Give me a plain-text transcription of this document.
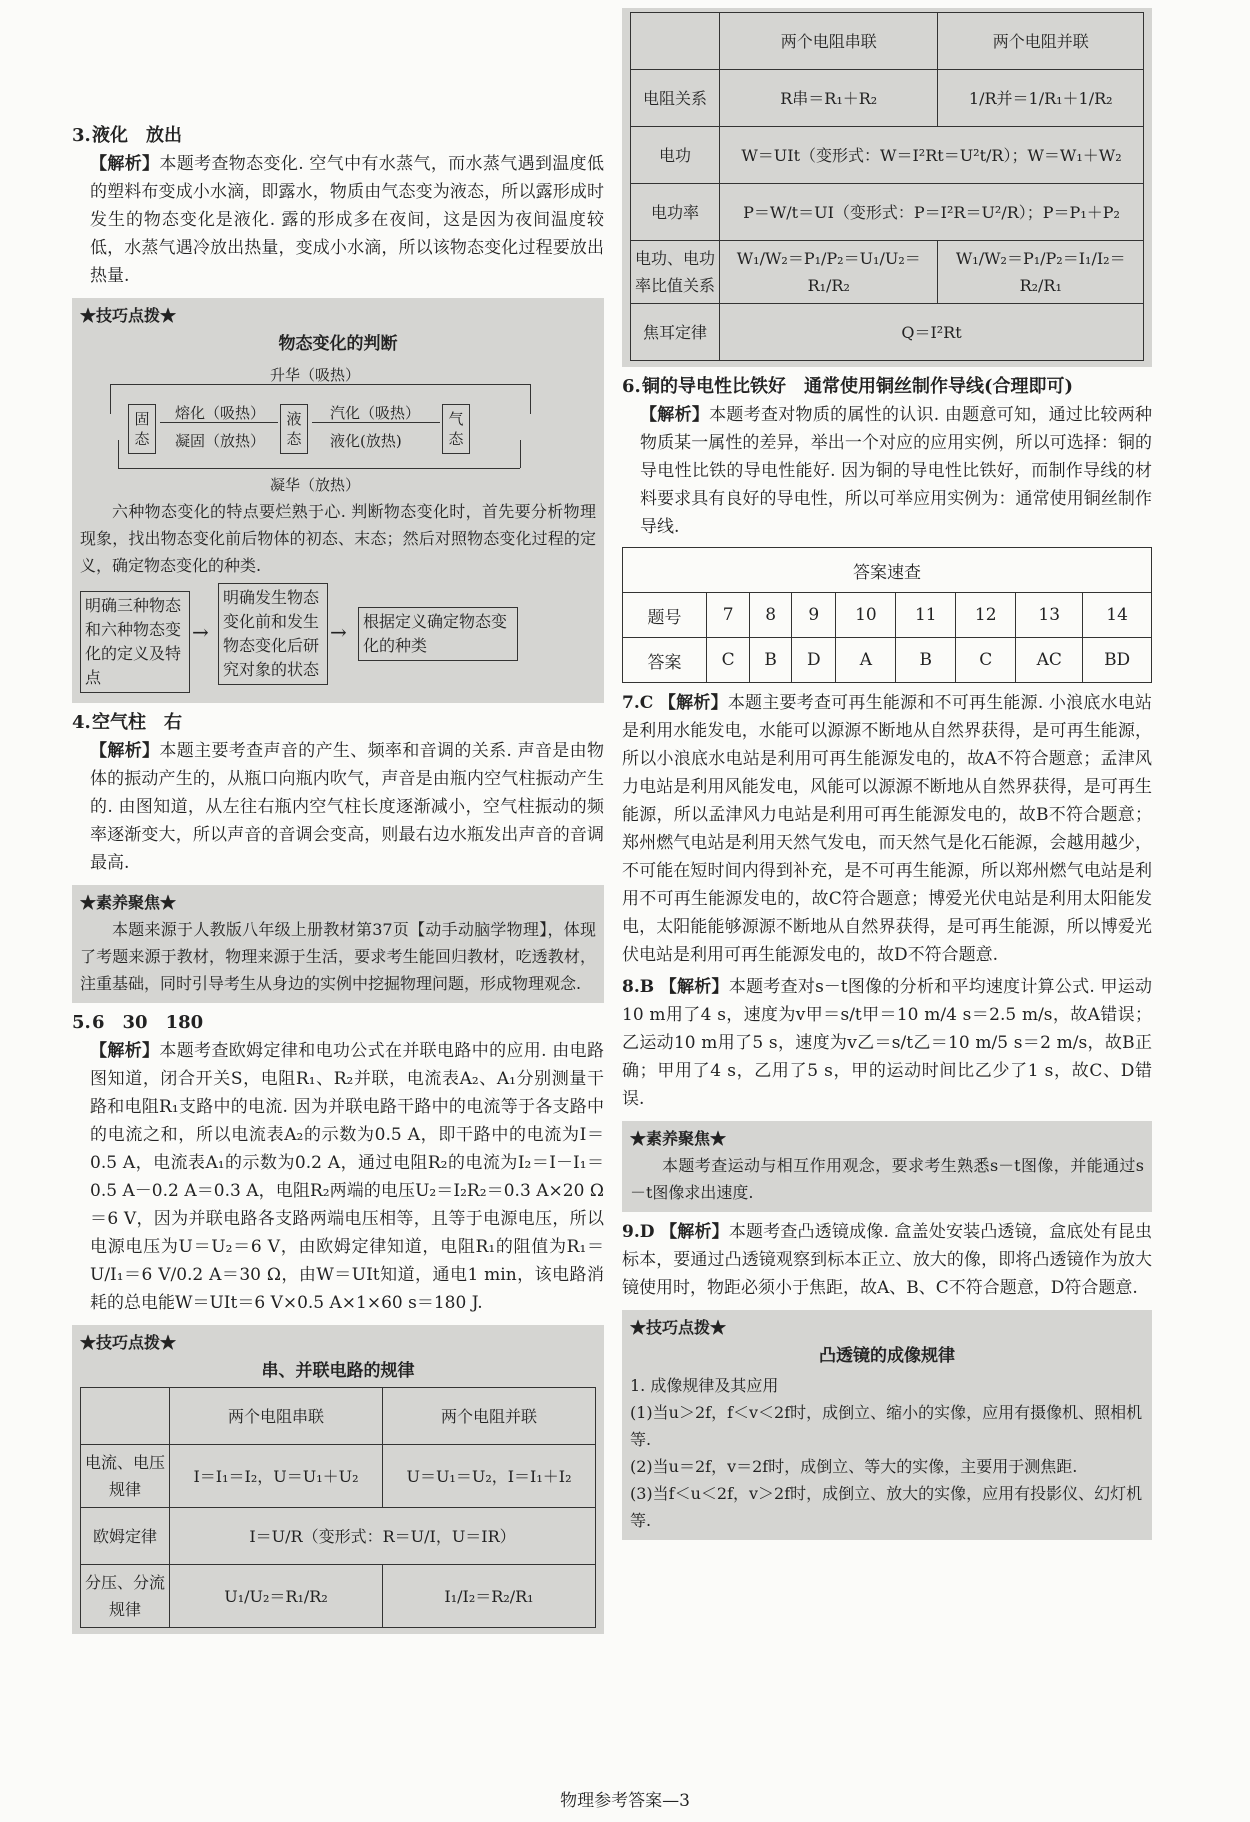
3.液化　放出

【解析】本题考查物态变化. 空气中有水蒸气，而水蒸气遇到温度低的塑料布变成小水滴，即露水，物质由气态变为液态，所以露形成时发生的物态变化是液化. 露的形成多在夜间，这是因为夜间温度较低，水蒸气遇冷放出热量，变成小水滴，所以该物态变化过程要放出热量.

★技巧点拨★
物态变化的判断
升华（吸热）
固态
液态
气态
熔化（吸热）
凝固（放热）
汽化（吸热）
液化(放热)
凝华（放热）

六种物态变化的特点要烂熟于心. 判断物态变化时，首先要分析物理现象，找出物态变化前后物体的初态、末态；然后对照物态变化过程的定义，确定物态变化的种类.

明确三种物态和六种物态变化的定义及特点
→
明确发生物态变化前和发生物态变化后研究对象的状态
→	根据定义确定物态变化的种类

4.空气柱　右

【解析】本题主要考查声音的产生、频率和音调的关系. 声音是由物体的振动产生的，从瓶口向瓶内吹气，声音是由瓶内空气柱振动产生的. 由图知道，从左往右瓶内空气柱长度逐渐减小，空气柱振动的频率逐渐变大，所以声音的音调会变高，则最右边水瓶发出声音的音调最高.

★素养聚焦★

本题来源于人教版八年级上册教材第37页【动手动脑学物理】，体现了考题来源于教材，物理来源于生活，要求考生能回归教材，吃透教材，注重基础，同时引导考生从身边的实例中挖掘物理问题，形成物理观念.

5.6　30　180

【解析】本题考查欧姆定律和电功公式在并联电路中的应用. 由电路图知道，闭合开关S，电阻R₁、R₂并联，电流表A₂、A₁分别测量干路和电阻R₁支路中的电流. 因为并联电路干路中的电流等于各支路中的电流之和，所以电流表A₂的示数为0.5 A，即干路中的电流为I＝0.5 A，电流表A₁的示数为0.2 A，通过电阻R₂的电流为I₂＝I－I₁＝0.5 A－0.2 A＝0.3 A，电阻R₂两端的电压U₂＝I₂R₂＝0.3 A×20 Ω＝6 V，因为并联电路各支路两端电压相等，且等于电源电压，所以电源电压为U＝U₂＝6 V，由欧姆定律知道，电阻R₁的阻值为R₁＝U/I₁＝6 V/0.2 A＝30 Ω，由W＝UIt知道，通电1 min，该电路消耗的总电能W＝UIt＝6 V×0.5 A×1×60 s＝180 J.

★技巧点拨★
串、并联电路的规律
	两个电阻串联	两个电阻并联
电流、电压规律	I＝I₁＝I₂，U＝U₁＋U₂	U＝U₁＝U₂，I＝I₁＋I₂
欧姆定律	I＝U/R（变形式：R＝U/I，U＝IR）	
分压、分流规律	U₁/U₂＝R₁/R₂	I₁/I₂＝R₂/R₁
	两个电阻串联	两个电阻并联
电阻关系	R串＝R₁＋R₂	1/R并＝1/R₁＋1/R₂
电功	W＝UIt（变形式：W＝I²Rt＝U²t/R）；W＝W₁＋W₂	
电功率	P＝W/t＝UI（变形式：P＝I²R＝U²/R）；P＝P₁＋P₂	
电功、电功率比值关系	W₁/W₂＝P₁/P₂＝U₁/U₂＝R₁/R₂	W₁/W₂＝P₁/P₂＝I₁/I₂＝R₂/R₁
焦耳定律	Q＝I²Rt	

6.铜的导电性比铁好　通常使用铜丝制作导线(合理即可)

【解析】本题考查对物质的属性的认识. 由题意可知，通过比较两种物质某一属性的差异，举出一个对应的应用实例，所以可选择：铜的导电性比铁的导电性能好. 因为铜的导电性比铁好，而制作导线的材料要求具有良好的导电性，所以可举应用实例为：通常使用铜丝制作导线.

答案速查								
题号	7	8	9	10	11	12	13	14
答案	C	B	D	A	B	C	AC	BD

7.C 【解析】本题主要考查可再生能源和不可再生能源. 小浪底水电站是利用水能发电，水能可以源源不断地从自然界获得，是可再生能源，所以小浪底水电站是利用可再生能源发电的，故A不符合题意；孟津风力电站是利用风能发电，风能可以源源不断地从自然界获得，是可再生能源，所以孟津风力电站是利用可再生能源发电的，故B不符合题意；郑州燃气电站是利用天然气发电，而天然气是化石能源，会越用越少，不可能在短时间内得到补充，是不可再生能源，所以郑州燃气电站是利用不可再生能源发电的，故C符合题意；博爱光伏电站是利用太阳能发电，太阳能能够源源不断地从自然界获得，是可再生能源，所以博爱光伏电站是利用可再生能源发电的，故D不符合题意.

8.B 【解析】本题考查对s－t图像的分析和平均速度计算公式. 甲运动10 m用了4 s，速度为v甲＝s/t甲＝10 m/4 s＝2.5 m/s，故A错误；乙运动10 m用了5 s，速度为v乙＝s/t乙＝10 m/5 s＝2 m/s，故B正确；甲用了4 s，乙用了5 s，甲的运动时间比乙少了1 s，故C、D错误.

★素养聚焦★

本题考查运动与相互作用观念，要求考生熟悉s－t图像，并能通过s－t图像求出速度.

9.D 【解析】本题考查凸透镜成像. 盒盖处安装凸透镜，盒底处有昆虫标本，要通过凸透镜观察到标本正立、放大的像，即将凸透镜作为放大镜使用时，物距必须小于焦距，故A、B、C不符合题意，D符合题意.

★技巧点拨★
凸透镜的成像规律

1. 成像规律及其应用

(1)当u＞2f，f＜v＜2f时，成倒立、缩小的实像，应用有摄像机、照相机等.

(2)当u＝2f，v＝2f时，成倒立、等大的实像，主要用于测焦距.

(3)当f＜u＜2f，v＞2f时，成倒立、放大的实像，应用有投影仪、幻灯机等.

物理参考答案—3
